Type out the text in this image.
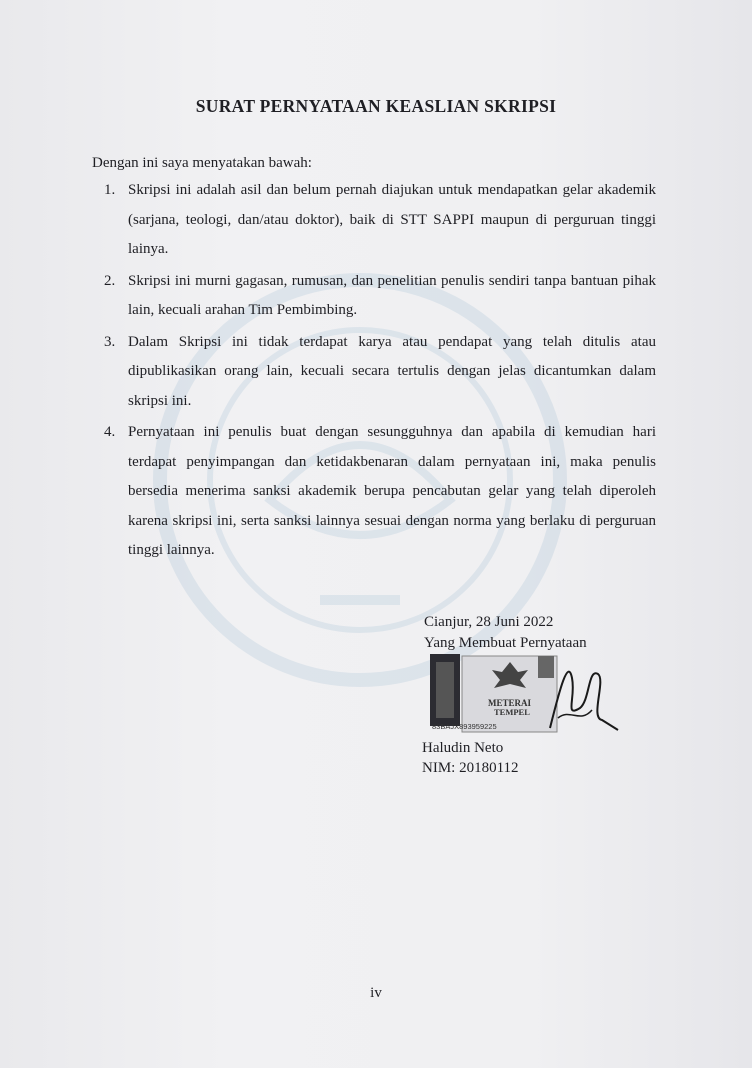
SURAT PERNYATAAN KEASLIAN SKRIPSI
Dengan ini saya menyatakan bawah:
1. Skripsi ini adalah asil dan belum pernah diajukan untuk mendapatkan gelar akademik (sarjana, teologi, dan/atau doktor), baik di STT SAPPI maupun di perguruan tinggi lainya.
2. Skripsi ini murni gagasan, rumusan, dan penelitian penulis sendiri tanpa bantuan pihak lain, kecuali arahan Tim Pembimbing.
3. Dalam Skripsi ini tidak terdapat karya atau pendapat yang telah ditulis atau dipublikasikan orang lain, kecuali secara tertulis dengan jelas dicantumkan dalam skripsi ini.
4. Pernyataan ini penulis buat dengan sesungguhnya dan apabila di kemudian hari terdapat penyimpangan dan ketidakbenaran dalam pernyataan ini, maka penulis bersedia menerima sanksi akademik berupa pencabutan gelar yang telah diperoleh karena skripsi ini, serta sanksi lainnya sesuai dengan norma yang berlaku di perguruan tinggi lainnya.
Cianjur, 28 Juni 2022
Yang Membuat Pernyataan
METERAI
TEMPEL
83BAJX893959225
Haludin Neto
NIM: 20180112
iv
